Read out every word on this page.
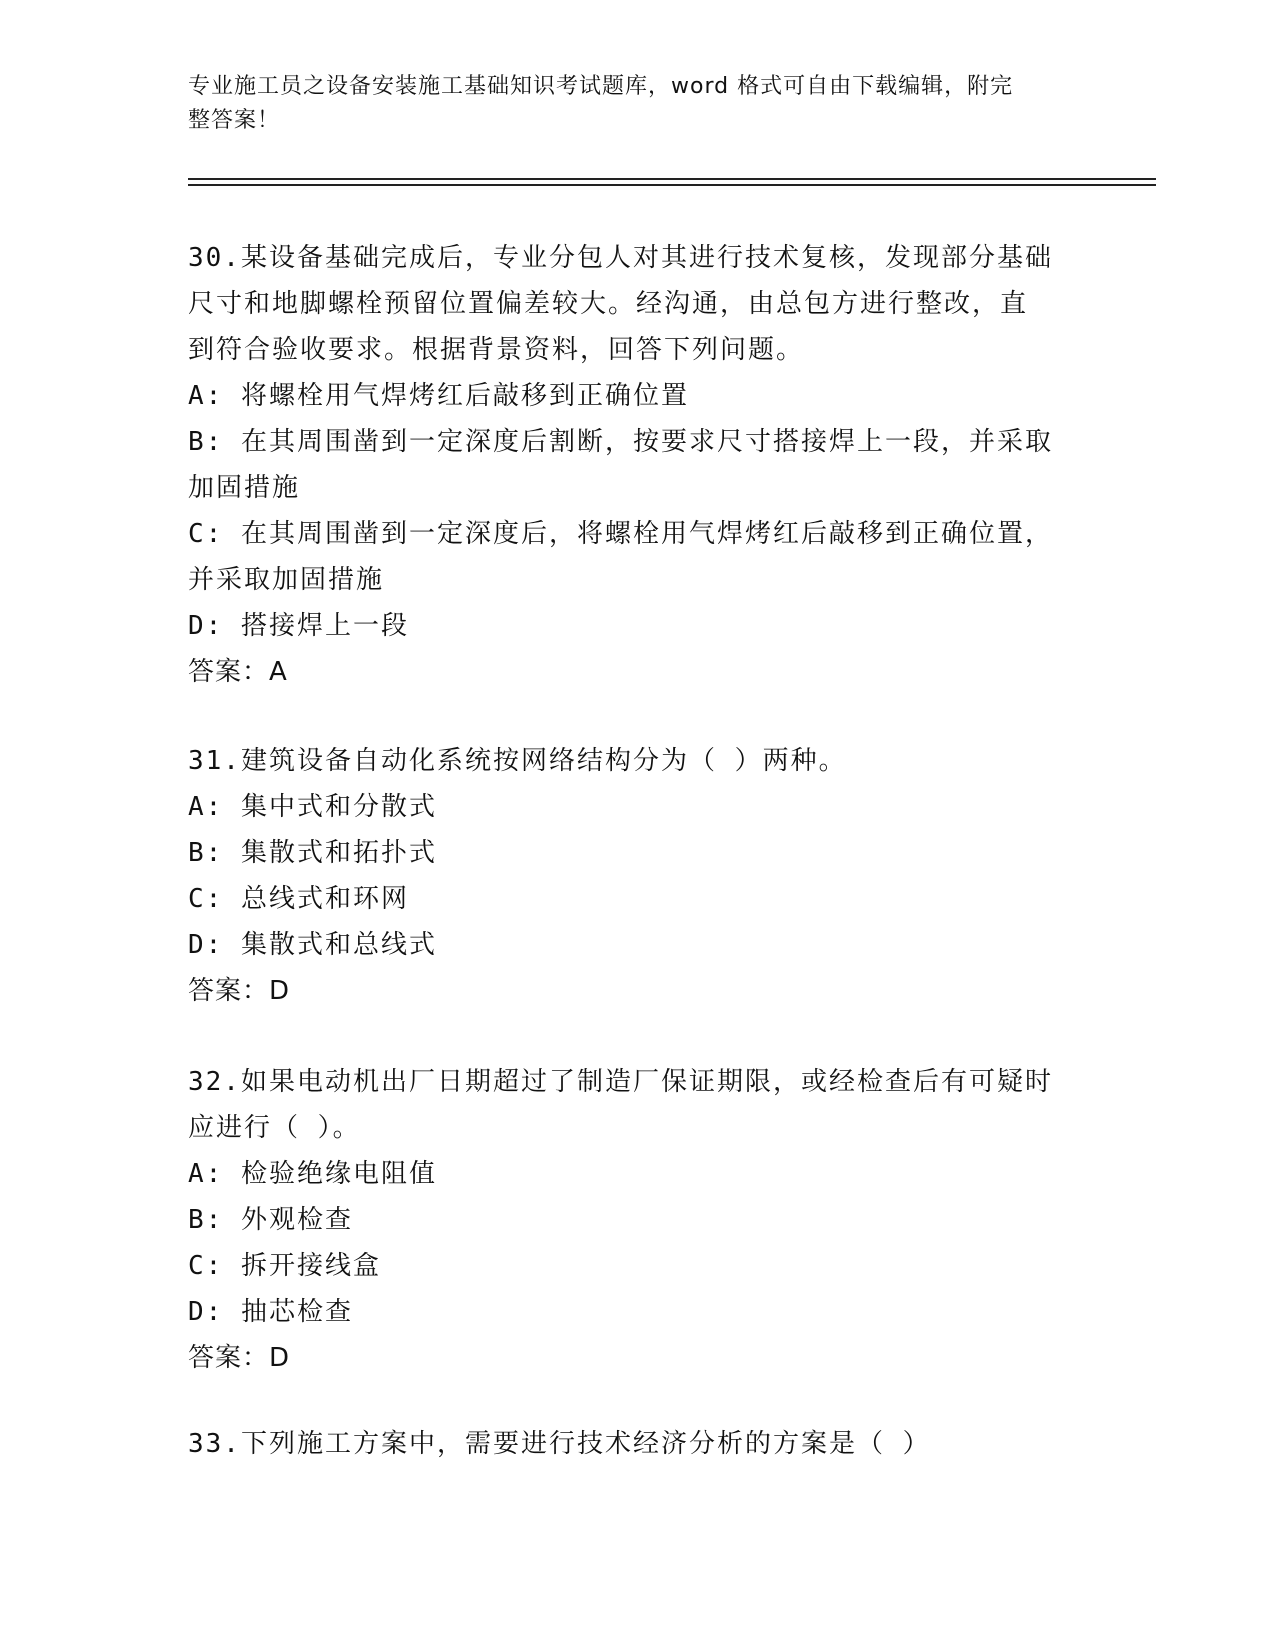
专业施工员之设备安装施工基础知识考试题库，word 格式可自由下载编辑，附完
整答案！

30.某设备基础完成后，专业分包人对其进行技术复核，发现部分基础

尺寸和地脚螺栓预留位置偏差较大。经沟通，由总包方进行整改，直

到符合验收要求。根据背景资料，回答下列问题。

A: 将螺栓用气焊烤红后敲移到正确位置

B: 在其周围凿到一定深度后割断，按要求尺寸搭接焊上一段，并采取

加固措施

C: 在其周围凿到一定深度后，将螺栓用气焊烤红后敲移到正确位置，

并采取加固措施

D: 搭接焊上一段

答案：A

31.建筑设备自动化系统按网络结构分为（ ）两种。

A: 集中式和分散式

B: 集散式和拓扑式

C: 总线式和环网

D: 集散式和总线式

答案：D

32.如果电动机出厂日期超过了制造厂保证期限，或经检查后有可疑时

应进行（ ）。

A: 检验绝缘电阻值

B: 外观检查

C: 拆开接线盒

D: 抽芯检查

答案：D

33.下列施工方案中，需要进行技术经济分析的方案是（ ）
